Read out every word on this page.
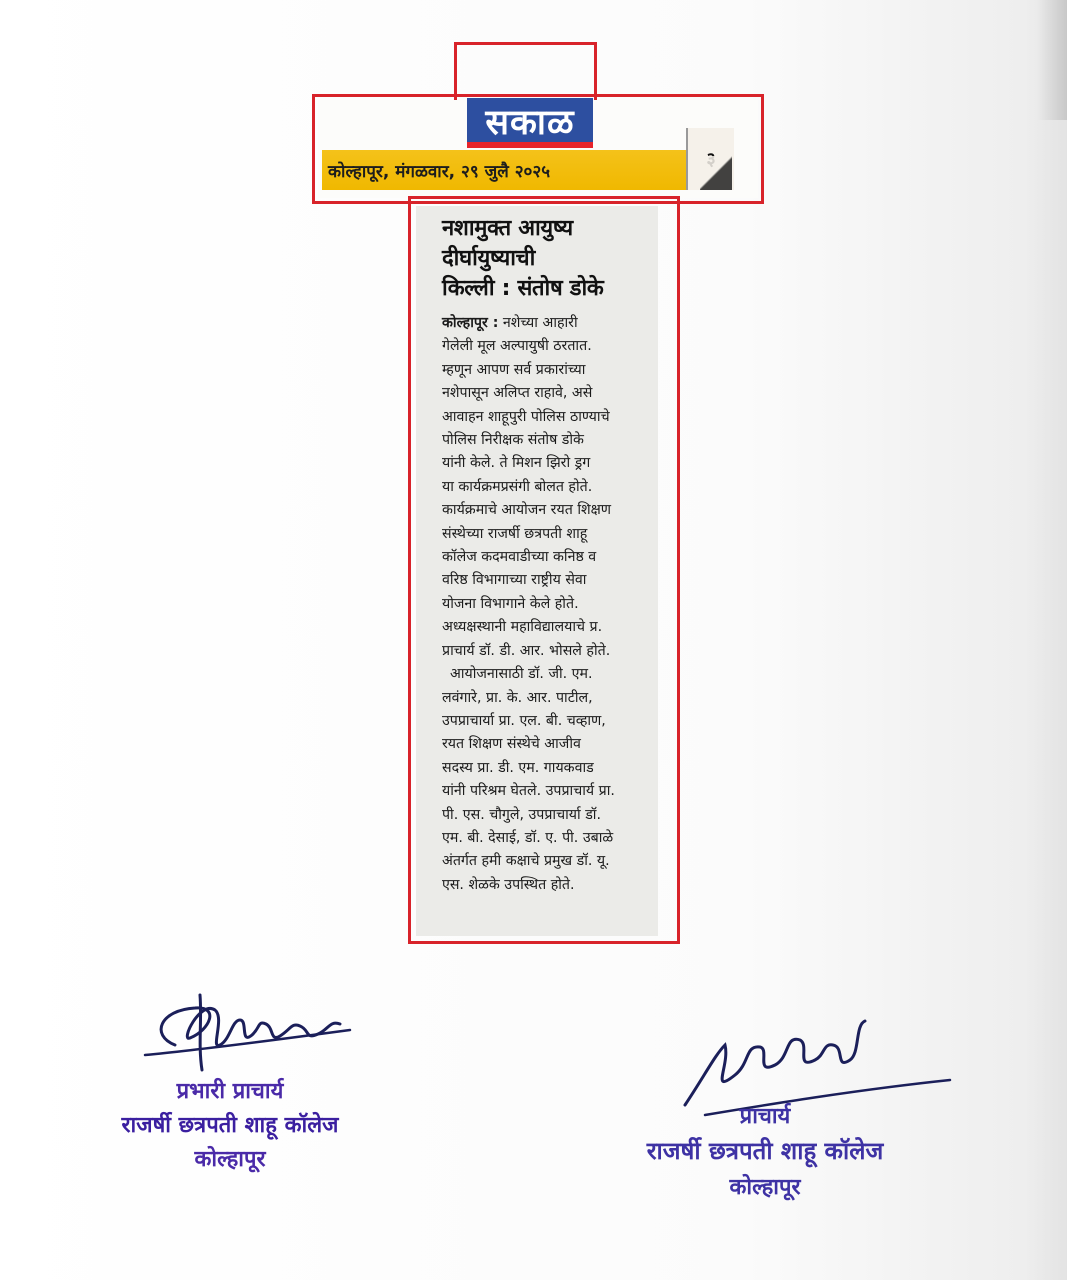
सकाळ
कोल्हापूर, मंगळवार, २९ जुलै २०२५
नशामुक्त आयुष्य
दीर्घायुष्याची
किल्ली : संतोष डोके
कोल्हापूर : नशेच्या आहारी
गेलेली मूल अल्पायुषी ठरतात.
म्हणून आपण सर्व प्रकारांच्या
नशेपासून अलिप्त राहावे, असे
आवाहन शाहूपुरी पोलिस ठाण्याचे
पोलिस निरीक्षक संतोष डोके
यांनी केले. ते मिशन झिरो ड्रग
या कार्यक्रमप्रसंगी बोलत होते.
कार्यक्रमाचे आयोजन रयत शिक्षण
संस्थेच्या राजर्षी छत्रपती शाहू
कॉलेज कदमवाडीच्या कनिष्ठ व
वरिष्ठ विभागाच्या राष्ट्रीय सेवा
योजना विभागाने केले होते.
अध्यक्षस्थानी महाविद्यालयाचे प्र.
प्राचार्य डॉ. डी. आर. भोसले होते.
आयोजनासाठी डॉ. जी. एम.
लवंगारे, प्रा. के. आर. पाटील,
उपप्राचार्या प्रा. एल. बी. चव्हाण,
रयत शिक्षण संस्थेचे आजीव
सदस्य प्रा. डी. एम. गायकवाड
यांनी परिश्रम घेतले. उपप्राचार्य प्रा.
पी. एस. चौगुले, उपप्राचार्या डॉ.
एम. बी. देसाई, डॉ. ए. पी. उबाळे
अंतर्गत हमी कक्षाचे प्रमुख डॉ. यू.
एस. शेळके उपस्थित होते.
प्रभारी प्राचार्य
राजर्षी छत्रपती शाहू कॉलेज
कोल्हापूर
प्राचार्य
राजर्षी छत्रपती शाहू कॉलेज
कोल्हापूर
